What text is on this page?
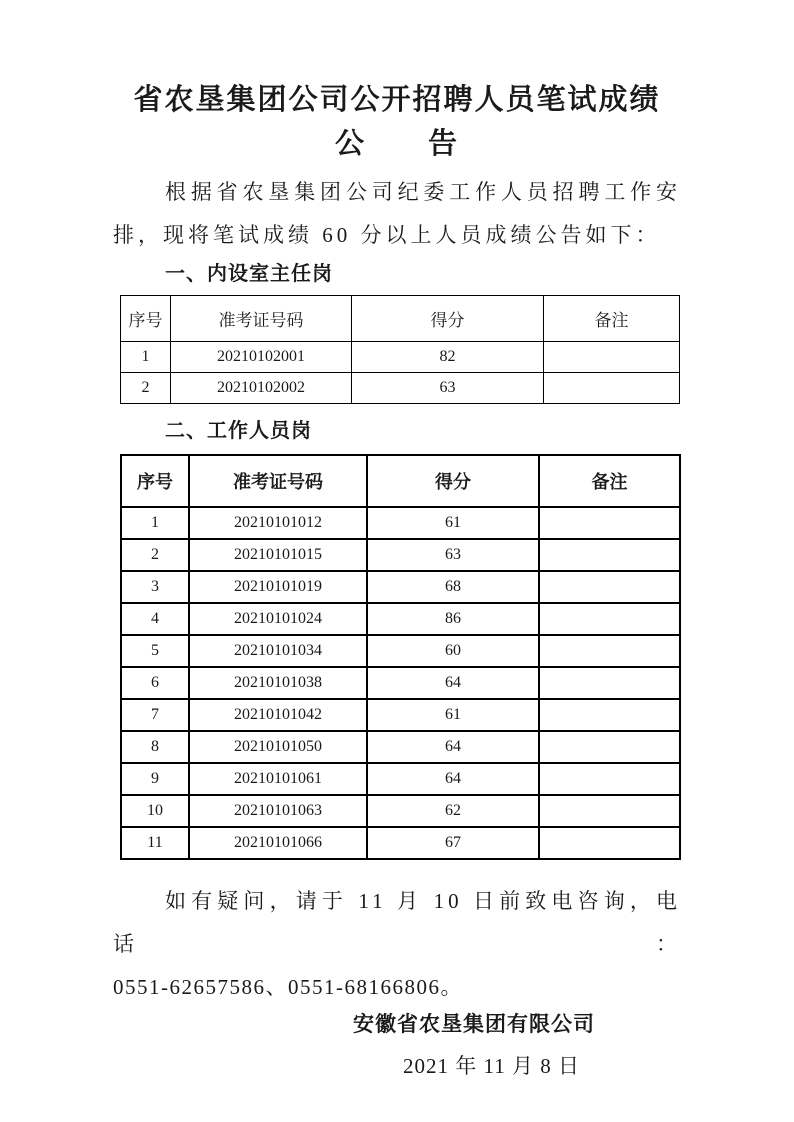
省农垦集团公司公开招聘人员笔试成绩
公　　告
根据省农垦集团公司纪委工作人员招聘工作安
排，现将笔试成绩 60 分以上人员成绩公告如下：
一、内设室主任岗
序号	准考证号码	得分	备注
1	20210102001	82	
2	20210102002	63	
二、工作人员岗
序号	准考证号码	得分	备注
1	20210101012	61	
2	20210101015	63	
3	20210101019	68	
4	20210101024	86	
5	20210101034	60	
6	20210101038	64	
7	20210101042	61	
8	20210101050	64	
9	20210101061	64	
10	20210101063	62	
11	20210101066	67	
如有疑问，请于 11 月 10 日前致电咨询，电话：
0551-62657586、0551-68166806。
安徽省农垦集团有限公司
2021 年 11 月 8 日
